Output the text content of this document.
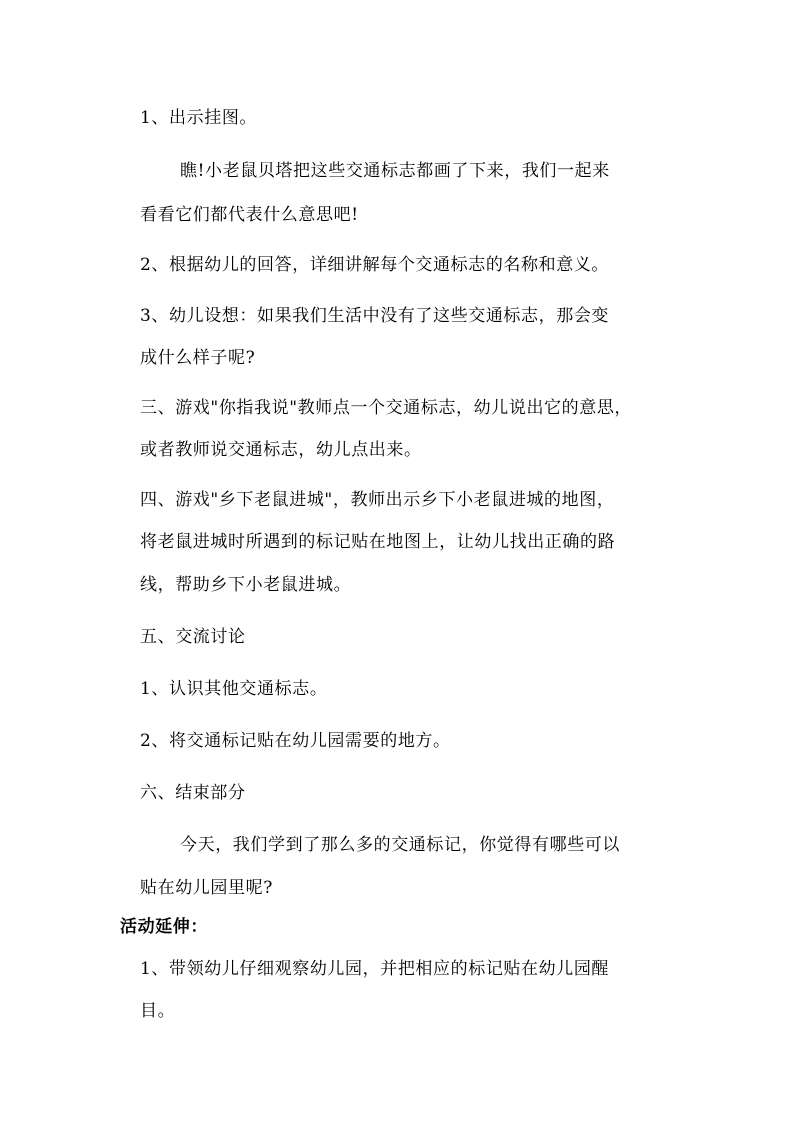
1、出示挂图。

瞧!小老鼠贝塔把这些交通标志都画了下来，我们一起来

看看它们都代表什么意思吧!

2、根据幼儿的回答，详细讲解每个交通标志的名称和意义。

3、幼儿设想：如果我们生活中没有了这些交通标志，那会变

成什么样子呢?

三、游戏"你指我说"教师点一个交通标志，幼儿说出它的意思，

或者教师说交通标志，幼儿点出来。

四、游戏"乡下老鼠进城"，教师出示乡下小老鼠进城的地图，

将老鼠进城时所遇到的标记贴在地图上，让幼儿找出正确的路

线，帮助乡下小老鼠进城。

五、交流讨论

1、认识其他交通标志。

2、将交通标记贴在幼儿园需要的地方。

六、结束部分

今天，我们学到了那么多的交通标记，你觉得有哪些可以

贴在幼儿园里呢?

活动延伸：

1、带领幼儿仔细观察幼儿园，并把相应的标记贴在幼儿园醒

目。
